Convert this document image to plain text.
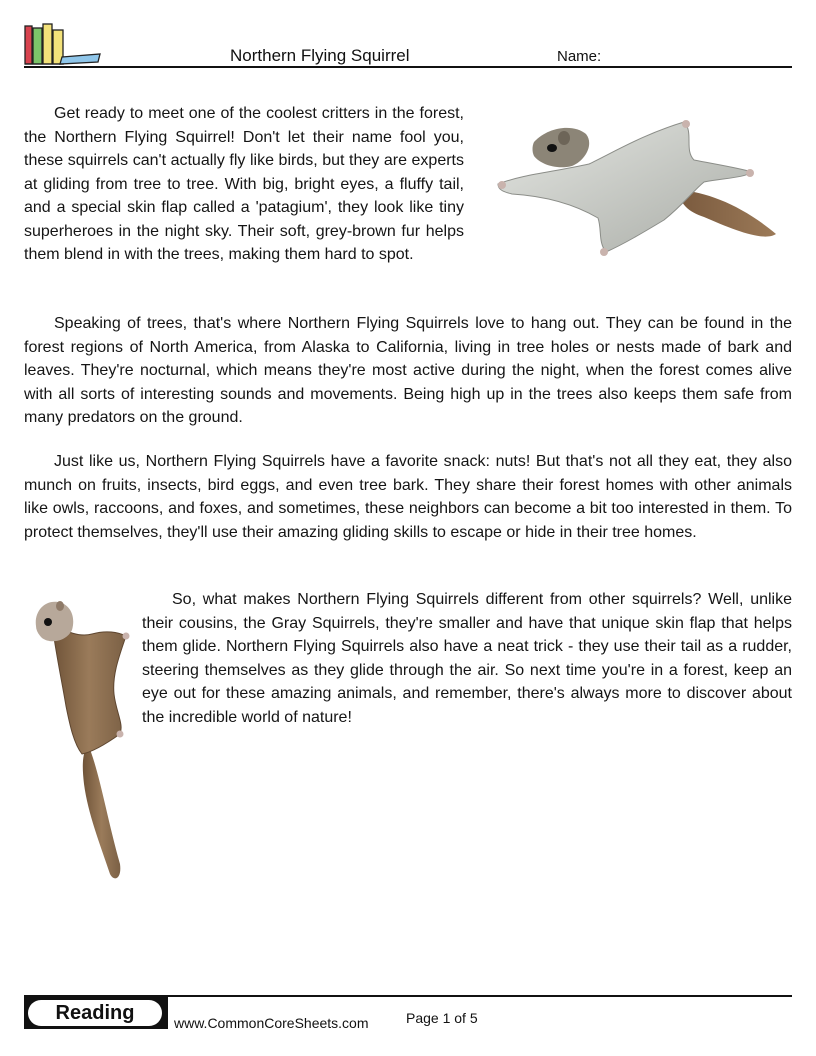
Northern Flying Squirrel	Name:

Get ready to meet one of the coolest critters in the forest, the Northern Flying Squirrel! Don't let their name fool you, these squirrels can't actually fly like birds, but they are experts at gliding from tree to tree. With big, bright eyes, a fluffy tail, and a special skin flap called a 'patagium', they look like tiny superheroes in the night sky. Their soft, grey-brown fur helps them blend in with the trees, making them hard to spot.

Speaking of trees, that's where Northern Flying Squirrels love to hang out. They can be found in the forest regions of North America, from Alaska to California, living in tree holes or nests made of bark and leaves. They're nocturnal, which means they're most active during the night, when the forest comes alive with all sorts of interesting sounds and movements. Being high up in the trees also keeps them safe from many predators on the ground.

Just like us, Northern Flying Squirrels have a favorite snack: nuts! But that's not all they eat, they also munch on fruits, insects, bird eggs, and even tree bark. They share their forest homes with other animals like owls, raccoons, and foxes, and sometimes, these neighbors can become a bit too interested in them. To protect themselves, they'll use their amazing gliding skills to escape or hide in their tree homes.

So, what makes Northern Flying Squirrels different from other squirrels? Well, unlike their cousins, the Gray Squirrels, they're smaller and have that unique skin flap that helps them glide. Northern Flying Squirrels also have a neat trick - they use their tail as a rudder, steering themselves as they glide through the air. So next time you're in a forest, keep an eye out for these amazing animals, and remember, there's always more to discover about the incredible world of nature!

Reading	www.CommonCoreSheets.com	Page 1 of 5
